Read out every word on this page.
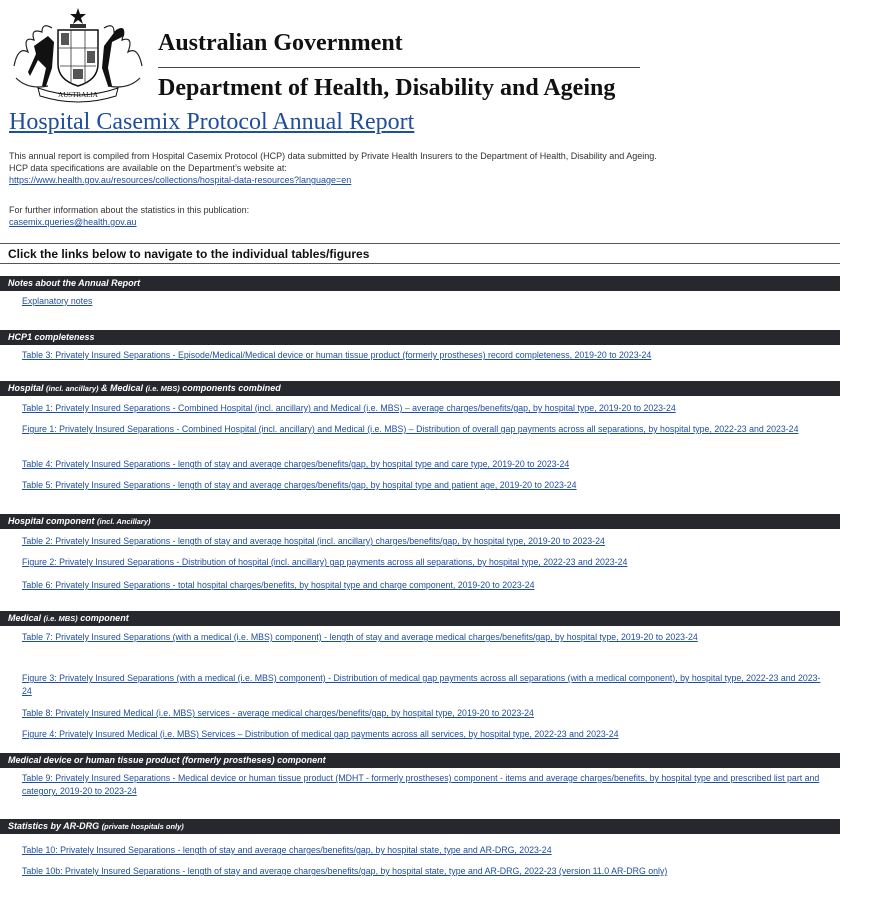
AUSTRALIA
Australian Government
Department of Health, Disability and Ageing
Hospital Casemix Protocol Annual Report
This annual report is compiled from Hospital Casemix Protocol (HCP) data submitted by Private Health Insurers to the Department of Health, Disability and Ageing.
HCP data specifications are available on the Department’s website at:
https://www.health.gov.au/resources/collections/hospital-data-resources?language=en
For further information about the statistics in this publication:
casemix.queries@health.gov.au
Click the links below to navigate to the individual tables/figures
Notes about the Annual Report
Explanatory notes
HCP1 completeness
Table 3: Privately Insured Separations - Episode/Medical/Medical device or human tissue product (formerly prostheses) record completeness, 2019-20 to 2023-24
Hospital (incl. ancillary) & Medical (i.e. MBS) components combined
Table 1: Privately Insured Separations - Combined Hospital (incl. ancillary) and Medical (i.e. MBS) – average charges/benefits/gap, by hospital type, 2019-20 to 2023-24
Figure 1: Privately Insured Separations - Combined Hospital (incl. ancillary) and Medical (i.e. MBS) – Distribution of overall gap payments across all separations, by hospital type, 2022-23 and 2023-24
Table 4: Privately Insured Separations - length of stay and average charges/benefits/gap, by hospital type and care type, 2019-20 to 2023-24
Table 5: Privately Insured Separations - length of stay and average charges/benefits/gap, by hospital type and patient age, 2019-20 to 2023-24
Hospital component (incl. Ancillary)
Table 2: Privately Insured Separations - length of stay and average hospital (incl. ancillary) charges/benefits/gap, by hospital type, 2019-20 to 2023-24
Figure 2: Privately Insured Separations - Distribution of hospital (incl. ancillary) gap payments across all separations, by hospital type, 2022-23 and 2023-24
Table 6: Privately Insured Separations - total hospital charges/benefits, by hospital type and charge component, 2019-20 to 2023-24
Medical (i.e. MBS) component
Table 7: Privately Insured Separations (with a medical (i.e. MBS) component) - length of stay and average medical charges/benefits/gap, by hospital type, 2019-20 to 2023-24
Figure 3: Privately Insured Separations (with a medical (i.e. MBS) component) - Distribution of medical gap payments across all separations (with a medical component), by hospital type, 2022-23 and 2023-24
Table 8: Privately Insured Medical (i.e. MBS) services - average medical charges/benefits/gap, by hospital type, 2019-20 to 2023-24
Figure 4: Privately Insured Medical (i.e. MBS) Services – Distribution of medical gap payments across all services, by hospital type, 2022-23 and 2023-24
Medical device or human tissue product (formerly prostheses) component
Table 9: Privately Insured Separations - Medical device or human tissue product (MDHT - formerly prostheses) component - items and average charges/benefits, by hospital type and prescribed list part and category, 2019-20 to 2023-24
Statistics by AR-DRG (private hospitals only)
Table 10: Privately Insured Separations - length of stay and average charges/benefits/gap, by hospital state, type and AR-DRG, 2023-24
Table 10b: Privately Insured Separations - length of stay and average charges/benefits/gap, by hospital state, type and AR-DRG, 2022-23 (version 11.0 AR-DRG only)
